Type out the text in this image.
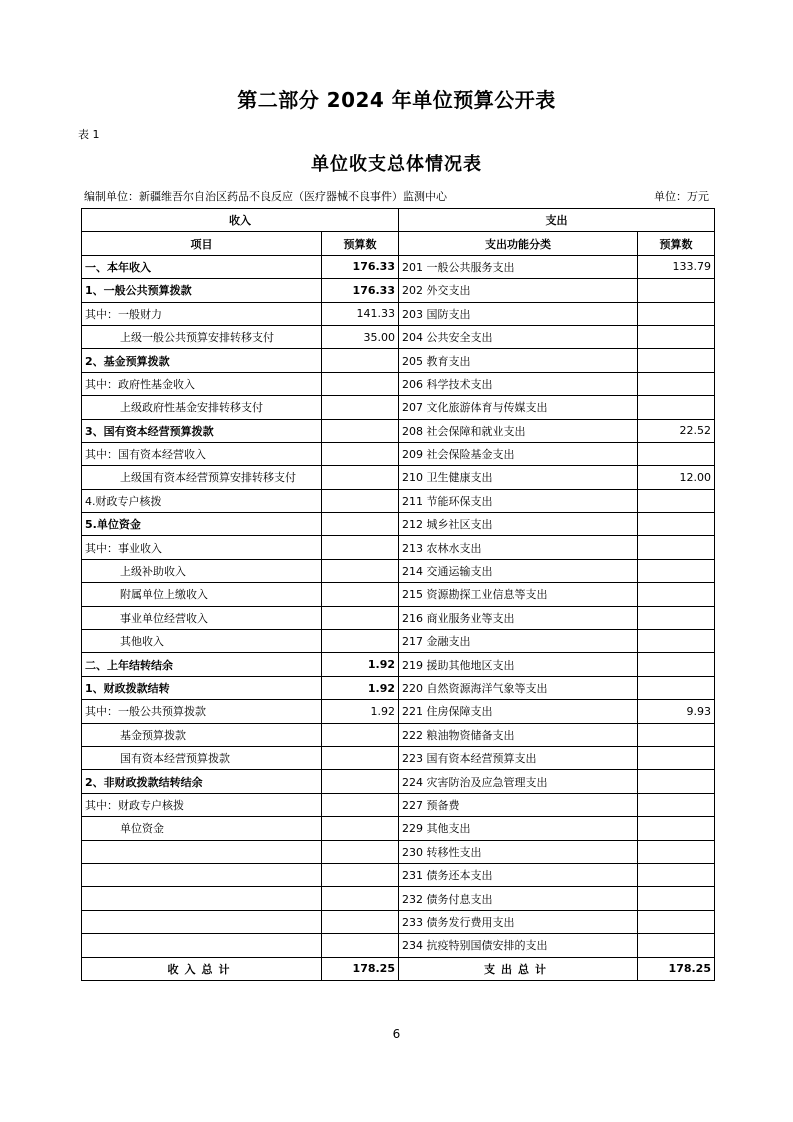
第二部分 2024 年单位预算公开表
表 1
单位收支总体情况表
编制单位：新疆维吾尔自治区药品不良反应（医疗器械不良事件）监测中心	单位：万元
收入		支出	
项目	预算数	支出功能分类	预算数
一、本年收入	176.33	201 一般公共服务支出	133.79
1、一般公共预算拨款	176.33	202 外交支出	
其中：一般财力	141.33	203 国防支出	
上级一般公共预算安排转移支付	35.00	204 公共安全支出	
2、基金预算拨款		205 教育支出	
其中：政府性基金收入		206 科学技术支出	
上级政府性基金安排转移支付		207 文化旅游体育与传媒支出	
3、国有资本经营预算拨款		208 社会保障和就业支出	22.52
其中：国有资本经营收入		209 社会保险基金支出	
上级国有资本经营预算安排转移支付		210 卫生健康支出	12.00
4.财政专户核拨		211 节能环保支出	
5.单位资金		212 城乡社区支出	
其中：事业收入		213 农林水支出	
上级补助收入		214 交通运输支出	
附属单位上缴收入		215 资源勘探工业信息等支出	
事业单位经营收入		216 商业服务业等支出	
其他收入		217 金融支出	
二、上年结转结余	1.92	219 援助其他地区支出	
1、财政拨款结转	1.92	220 自然资源海洋气象等支出	
其中：一般公共预算拨款	1.92	221 住房保障支出	9.93
基金预算拨款		222 粮油物资储备支出	
国有资本经营预算拨款		223 国有资本经营预算支出	
2、非财政拨款结转结余		224 灾害防治及应急管理支出	
其中：财政专户核拨		227 预备费	
单位资金		229 其他支出	
		230 转移性支出	
		231 债务还本支出	
		232 债务付息支出	
		233 债务发行费用支出	
		234 抗疫特别国债安排的支出	
收入总计	178.25	支出总计	178.25
6
